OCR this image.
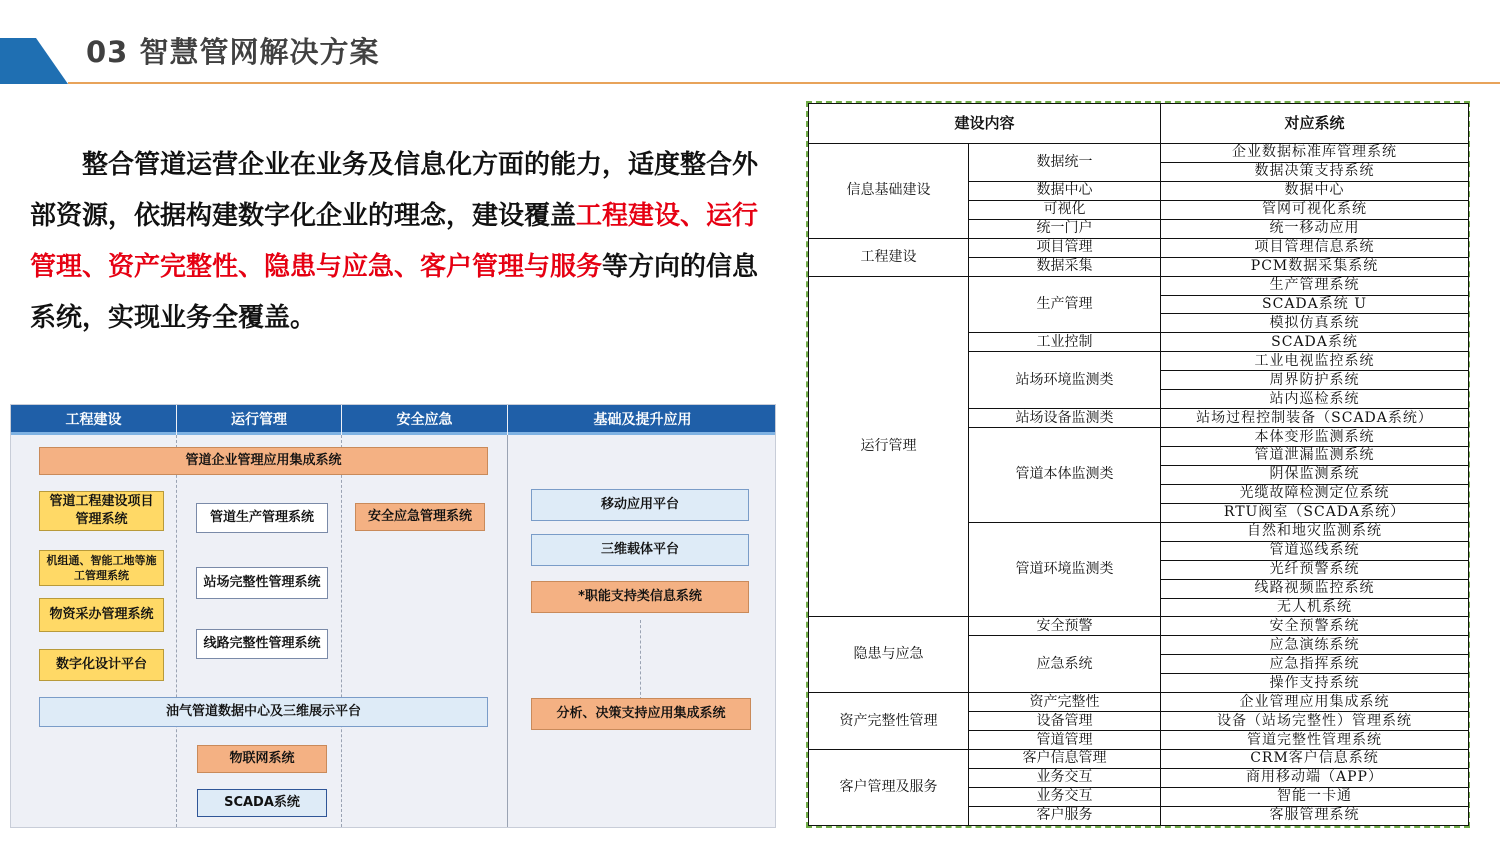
03 智慧管网解决方案
整合管道运营企业在业务及信息化方面的能力，适度整合外部资源，依据构建数字化企业的理念，建设覆盖工程建设、运行管理、资产完整性、隐患与应急、客户管理与服务等方向的信息系统，实现业务全覆盖。
工程建设	运行管理	安全应急	基础及提升应用
管道企业管理应用集成系统
管道工程建设项目管理系统
机组通、智能工地等施工管理系统
物资采办管理系统
数字化设计平台
管道生产管理系统
站场完整性管理系统
线路完整性管理系统
安全应急管理系统
移动应用平台
三维载体平台
*职能支持类信息系统
油气管道数据中心及三维展示平台	分析、决策支持应用集成系统
物联网系统
SCADA系统
建设内容		对应系统
信息基础建设	数据统一	企业数据标准库管理系统
		数据决策支持系统
	数据中心	数据中心
	可视化	管网可视化系统
	统一门户	统一移动应用
工程建设	项目管理	项目管理信息系统
	数据采集	PCM数据采集系统
运行管理	生产管理	生产管理系统
		SCADA系统 U
		模拟仿真系统
	工业控制	SCADA系统
	站场环境监测类	工业电视监控系统
		周界防护系统
		站内巡检系统
	站场设备监测类	站场过程控制装备（SCADA系统）
	管道本体监测类	本体变形监测系统
		管道泄漏监测系统
		阴保监测系统
		光缆故障检测定位系统
		RTU阀室（SCADA系统）
	管道环境监测类	自然和地灾监测系统
		管道巡线系统
		光纤预警系统
		线路视频监控系统
		无人机系统
隐患与应急	安全预警	安全预警系统
	应急系统	应急演练系统
		应急指挥系统
		操作支持系统
资产完整性管理	资产完整性	企业管理应用集成系统
	设备管理	设备（站场完整性）管理系统
	管道管理	管道完整性管理系统
客户管理及服务	客户信息管理	CRM客户信息系统
	业务交互	商用移动端（APP）
	业务交互	智能一卡通
	客户服务	客服管理系统
